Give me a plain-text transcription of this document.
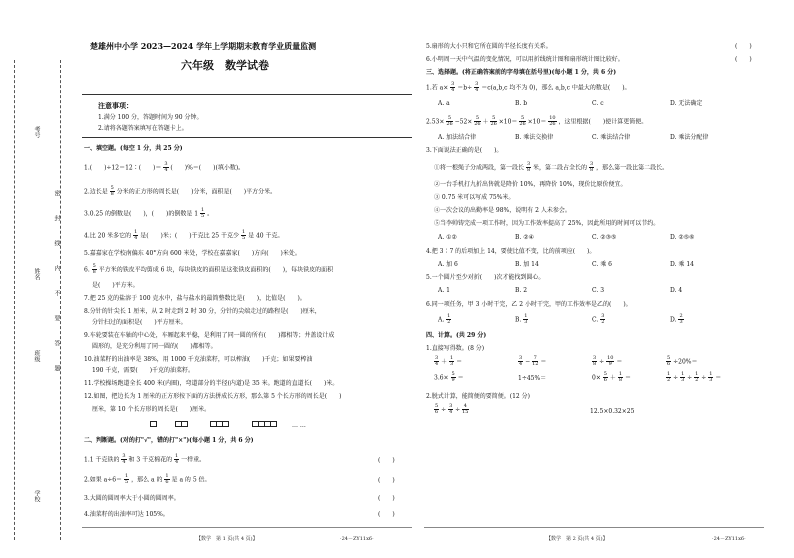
考号
姓名
班级
学校
密
封
线
内
不
要
答
题
楚雄州中小学 2023—2024 学年上学期期末教育学业质量监测
六年级　数学试卷
注意事项：
1.满分 100 分，答题时间为 90 分钟。
2.请将各题答案填写在答题卡上。
一、填空题。(每空 1 分，共 25 分)
1.(　　)÷12＝12∶(　　)＝ $\frac{3}{4}$ (　　)%＝(　　)(填小数)。
2.边长是 $\frac{5}{8}$ 分米的正方形的周长是(　　)分米，面积是(　　)平方分米。
3.0.25 的倒数是(　　)，(　　)的倒数是 $1 \frac{1}{5}$ 。
4.比 20 米多它的 $\frac{1}{4}$ 是(　　)米；(　　)千克比 25 千克少 $\frac{1}{5}$ 是 40 千克。
5.嘉嘉家在学校南偏东 40°方向 600 米处，学校在嘉嘉家(　　)方向(　　)米处。
6. $\frac{5}{8}$ 平方米的铁皮平均剪成 6 块，每块铁皮的面积是这张铁皮面积的(　　)，每块铁皮的面积
是(　　)平方米。
7.把 25 克的盐溶于 100 克水中，盐与盐水的最简整数比是(　　)，比值是(　　)。
8.分针的针尖长 1 厘米，从 2 时走到 2 时 30 分，分针的尖端走过的路程是(　　)厘米，
分针扫过的面积是(　　)平方厘米。
9.车轮要装在车轴的中心处，车厢起来平稳，是利用了同一圆的所有(　　)都相等；井盖设计成
圆形的，是充分利用了同一圆的(　　)都相等。
10.油菜籽的出油率是 38%，用 1000 千克油菜籽，可以榨油(　　)千克；如果要榨油
190 千克，需要(　　)千克的油菜籽。
11.学校操场跑道全长 400 米(内圈)，弯道部分的半径(内道)是 35 米。跑道的直道长(　　)米。
12.如图，把边长为 1 厘米的正方形按下面的方法拼成长方形，那么第 5 个长方形的周长是(　　)
厘米，第 10 个长方形的周长是(　　)厘米。
… …
二、判断题。(对的打"√"，错的打"×")(每小题 1 分，共 6 分)
1.1 千克铁的 $\frac{3}{4}$ 和 3 千克棉花的 $\frac{1}{4}$ 一样重。	(　　)
2.如果 $a\div 6= \frac{1}{5}$ ，那么 a 的 $\frac{1}{6}$ 是 a 的 5 倍。	(　　)
3.大圆的圆周率大于小圆的圆周率。	(　　)
4.油菜籽的出油率可达 105%。	(　　)
【数学　第 1 页(共 4 页)】	·24－ZY11x6·
5.扇形的大小只和它所在圆的半径长度有关系。	(　　)
6.小明周一天中气温的变化情况，可以用折线统计图和扇形统计图比较好。	(　　)
三、选择题。(将正确答案前的字母填在括号里)(每小题 1 分，共 6 分)
1.若 $a\times \frac{3}{4} =b\div \frac{3}{4} =c(a,b,c$ 均不为 0)，那么 a,b,c 中最大的数是(　　)。
A. a	B. b	C. c	D. 无法确定
$2.53\times \frac{5}{26} -52\times \frac{5}{26} + \frac{5}{26} \times 10= \frac{5}{26} \times 10= \frac{10}{26}$ ，这里根据(　　)使计算更简便。
A. 加法结合律	B. 乘法交换律	C. 乘法结合律	D. 乘法分配律
3.下面说法正确的是(　　)。
①将一根绳子分成两段，第一段长 $\frac{3}{8}$ 米，第二段占全长的 $\frac{3}{8}$ ，那么第一段比第二段长。
②一台手机打九折出售就是降价 10%，再降价 10%，现价比原价便宜。
③ 0.75 米可以写成 75%米。
④一次会议的出勤率是 98%，说明有 2 人未参会。
⑤当李帅铸完成一项工作时，因为工作效率提高了 25%，因此所用的时间可以节约。
A. ①②	B. ②④	C. ②③⑤	D. ②⑤⑥
4.把 3∶7 的后项加上 14，要使比值不变，比的前项应(　　)。
A. 加 6	B. 加 14	C. 乘 6	D. 乘 14
5.一个圆片至少对折(　　)次才能找到圆心。
A. 1	B. 2	C. 3	D. 4
6.同一项任务，甲 3 小时干完，乙 2 小时干完，甲的工作效率是乙的(　　)。
A. $\frac{1}{2}$	B. $\frac{1}{3}$	C. $\frac{3}{2}$	D. $\frac{2}{3}$
四、计算。(共 29 分)
1.直接写得数。(8 分)
$\frac{3}{4} + \frac{1}{3}$ ＝	$\frac{3}{4} - \frac{7}{12}$ ＝	$\frac{3}{8} \div \frac{10}{9}$ ＝	$\frac{5}{6} \div 20\%=$
$3.6\times \frac{5}{9}$ ＝	1÷45%＝	$0\times \frac{5}{6} + \frac{1}{8}$ ＝	$\frac{1}{2} \div \frac{1}{3} \div \frac{1}{2} \div \frac{1}{3}$ ＝
2.脱式计算，能简便的要简便。(12 分)
$\frac{5}{6} \div \frac{3}{4} \div \frac{4}{15}$	12.5×0.32×25
【数学　第 2 页(共 4 页)】	·24－ZY11x6·
